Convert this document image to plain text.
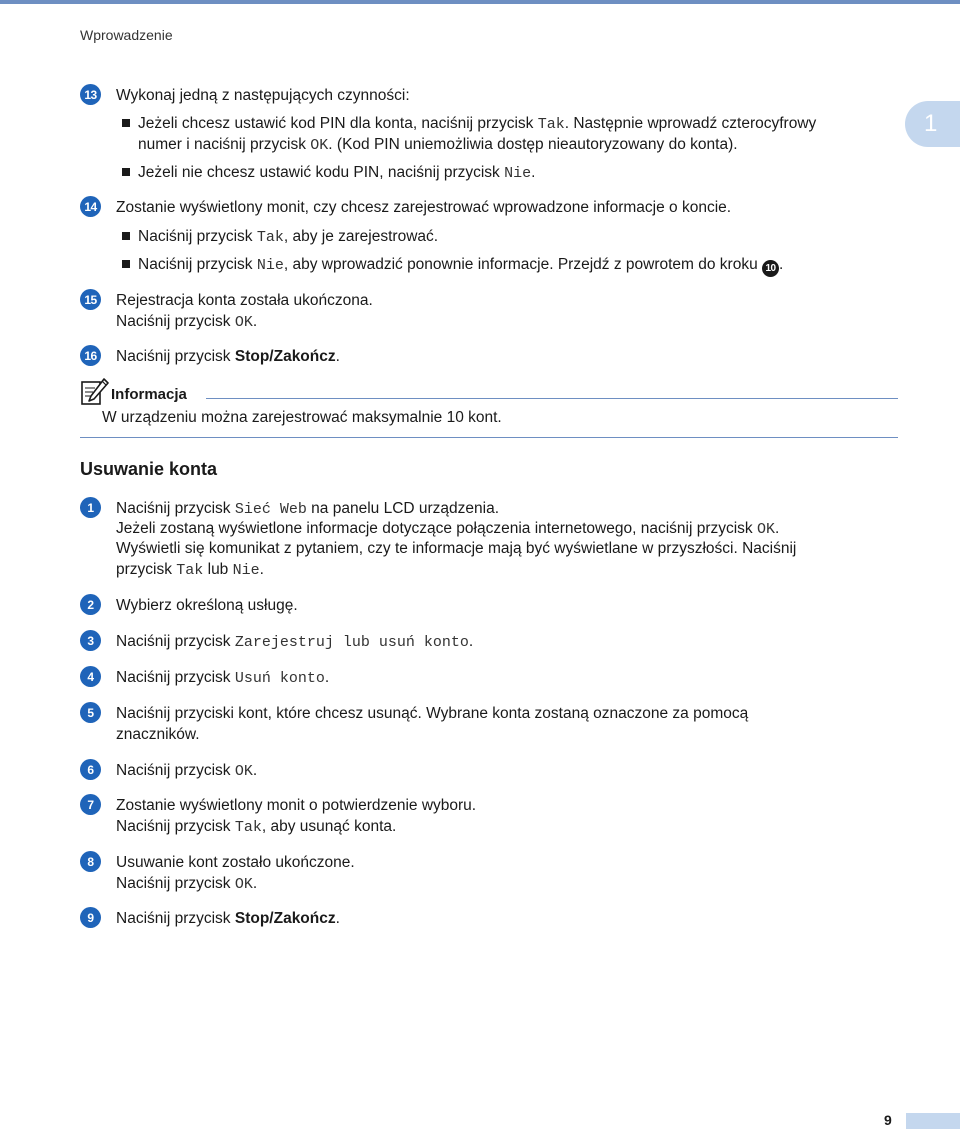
Wprowadzenie
1
13 Wykonaj jedną z następujących czynności:
Jeżeli chcesz ustawić kod PIN dla konta, naciśnij przycisk Tak. Następnie wprowadź czterocyfrowy
numer i naciśnij przycisk OK. (Kod PIN uniemożliwia dostęp nieautoryzowany do konta).
Jeżeli nie chcesz ustawić kodu PIN, naciśnij przycisk Nie.
14 Zostanie wyświetlony monit, czy chcesz zarejestrować wprowadzone informacje o koncie.
Naciśnij przycisk Tak, aby je zarejestrować.
Naciśnij przycisk Nie, aby wprowadzić ponownie informacje. Przejdź z powrotem do kroku 10 .
15 Rejestracja konta została ukończona.
Naciśnij przycisk OK.
16 Naciśnij przycisk Stop/Zakończ.
Informacja
W urządzeniu można zarejestrować maksymalnie 10 kont.
Usuwanie konta
1	Naciśnij przycisk Sieć Web na panelu LCD urządzenia.
Jeżeli zostaną wyświetlone informacje dotyczące połączenia internetowego, naciśnij przycisk OK.
Wyświetli się komunikat z pytaniem, czy te informacje mają być wyświetlane w przyszłości. Naciśnij
przycisk Tak lub Nie.
2	Wybierz określoną usługę.
3	Naciśnij przycisk Zarejestruj lub usuń konto.
4	Naciśnij przycisk Usuń konto.
5	Naciśnij przyciski kont, które chcesz usunąć. Wybrane konta zostaną oznaczone za pomocą
znaczników.
6	Naciśnij przycisk OK.
7	Zostanie wyświetlony monit o potwierdzenie wyboru.
Naciśnij przycisk Tak, aby usunąć konta.
8	Usuwanie kont zostało ukończone.
Naciśnij przycisk OK.
9	Naciśnij przycisk Stop/Zakończ.
9
